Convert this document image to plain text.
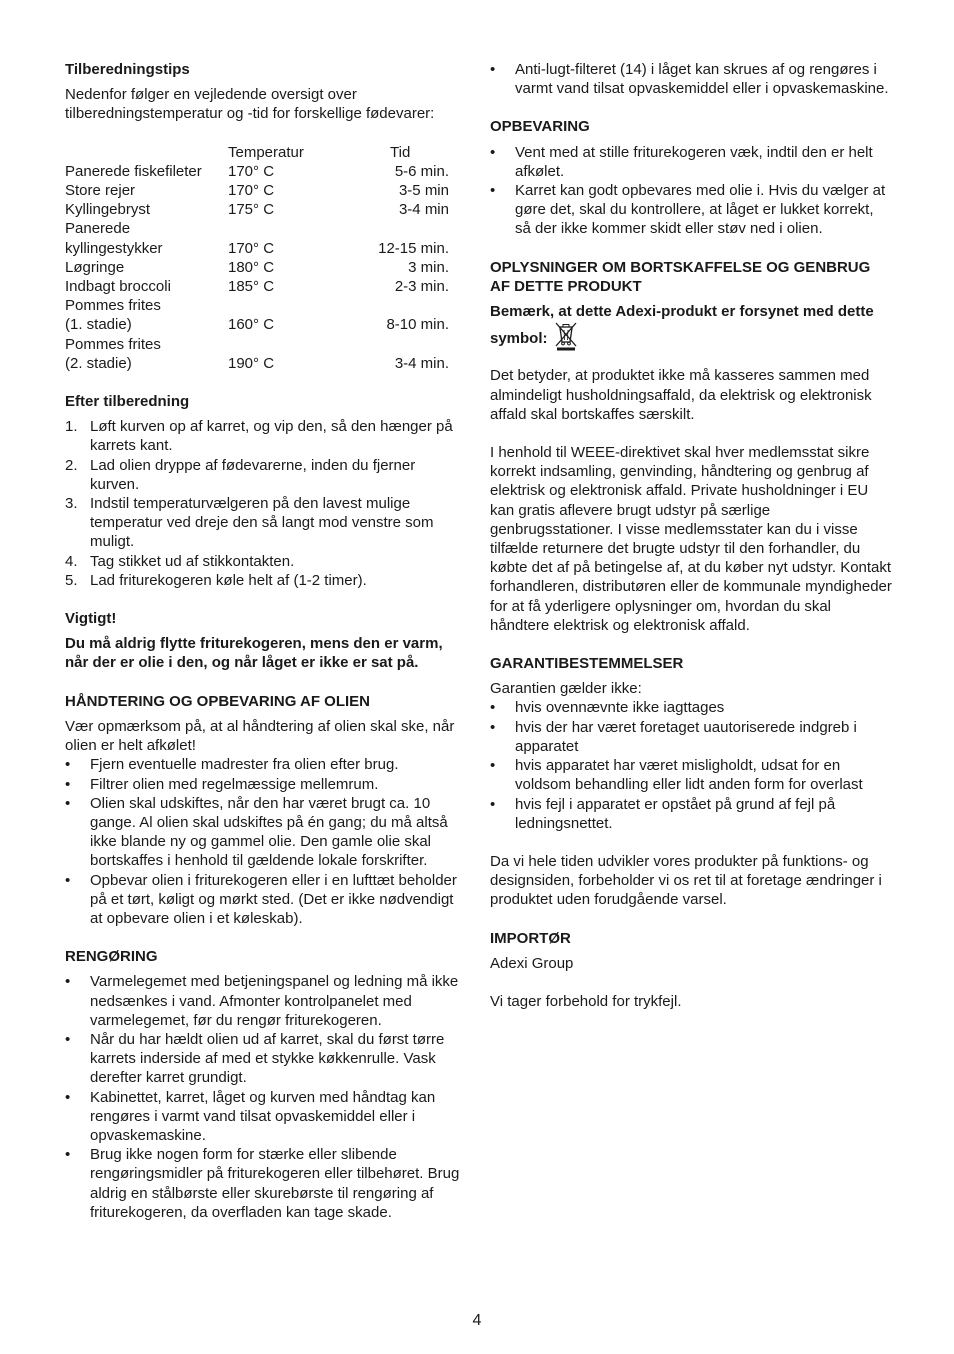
Tilberedningstips

Nedenfor følger en vejledende oversigt over tilberedningstemperatur og -tid for forskellige fødevarer:

	Temperatur	Tid
Panerede fiskefileter	170° C	5-6 min.
Store rejer	170° C	3-5 min
Kyllingebryst	175° C	3-4 min
Panerede		
kyllingestykker	170° C	12-15 min.
Løgringe	180° C	3 min.
Indbagt broccoli	185° C	2-3 min.
Pommes frites		
(1. stadie)	160° C	8-10 min.
Pommes frites		
(2. stadie)	190° C	3-4 min.
Efter tilberedning
1. Løft kurven op af karret, og vip den, så den hænger på karrets kant.
2. Lad olien dryppe af fødevarerne, inden du fjerner kurven.
3. Indstil temperaturvælgeren på den lavest mulige temperatur ved dreje den så langt mod venstre som muligt.
4. Tag stikket ud af stikkontakten.
5. Lad friturekogeren køle helt af (1-2 timer).
Vigtigt!

Du må aldrig flytte friturekogeren, mens den er varm, når der er olie i den, og når låget er ikke er sat på.

HÅNDTERING OG OPBEVARING AF OLIEN

Vær opmærksom på, at al håndtering af olien skal ske, når olien er helt afkølet!

• Fjern eventuelle madrester fra olien efter brug.
• Filtrer olien med regelmæssige mellemrum.
• Olien skal udskiftes, når den har været brugt ca. 10 gange. Al olien skal udskiftes på én gang; du må altså ikke blande ny og gammel olie. Den gamle olie skal bortskaffes i henhold til gældende lokale forskrifter.
• Opbevar olien i friturekogeren eller i en lufttæt beholder på et tørt, køligt og mørkt sted. (Det er ikke nødvendigt at opbevare olien i et køleskab).
RENGØRING
• Varmelegemet med betjeningspanel og ledning må ikke nedsænkes i vand. Afmonter kontrolpanelet med varmelegemet, før du rengør friturekogeren.
• Når du har hældt olien ud af karret, skal du først tørre karrets inderside af med et stykke køkkenrulle. Vask derefter karret grundigt.
• Kabinettet, karret, låget og kurven med håndtag kan rengøres i varmt vand tilsat opvaskemiddel eller i opvaskemaskine.
• Brug ikke nogen form for stærke eller slibende rengøringsmidler på friturekogeren eller tilbehøret. Brug aldrig en stålbørste eller skurebørste til rengøring af friturekogeren, da overfladen kan tage skade.
• Anti-lugt-filteret (14) i låget kan skrues af og rengøres i varmt vand tilsat opvaskemiddel eller i opvaskemaskine.
OPBEVARING
• Vent med at stille friturekogeren væk, indtil den er helt afkølet.
• Karret kan godt opbevares med olie i. Hvis du vælger at gøre det, skal du kontrollere, at låget er lukket korrekt, så der ikke kommer skidt eller støv ned i olien.
OPLYSNINGER OM BORTSKAFFELSE OG GENBRUG AF DETTE PRODUKT

Bemærk, at dette Adexi-produkt er forsynet med dette symbol:

Det betyder, at produktet ikke må kasseres sammen med almindeligt husholdningsaffald, da elektrisk og elektronisk affald skal bortskaffes særskilt.

I henhold til WEEE-direktivet skal hver medlemsstat sikre korrekt indsamling, genvinding, håndtering og genbrug af elektrisk og elektronisk affald. Private husholdninger i EU kan gratis aflevere brugt udstyr på særlige genbrugsstationer. I visse medlemsstater kan du i visse tilfælde returnere det brugte udstyr til den forhandler, du købte det af på betingelse af, at du køber nyt udstyr. Kontakt forhandleren, distributøren eller de kommunale myndigheder for at få yderligere oplysninger om, hvordan du skal håndtere elektrisk og elektronisk affald.

GARANTIBESTEMMELSER

Garantien gælder ikke:

• hvis ovennævnte ikke iagttages
• hvis der har været foretaget uautoriserede indgreb i apparatet
• hvis apparatet har været misligholdt, udsat for en voldsom behandling eller lidt anden form for overlast
• hvis fejl i apparatet er opstået på grund af fejl på ledningsnettet.

Da vi hele tiden udvikler vores produkter på funktions- og designsiden, forbeholder vi os ret til at foretage ændringer i produktet uden forudgående varsel.

IMPORTØR

Adexi Group

Vi tager forbehold for trykfejl.

4
